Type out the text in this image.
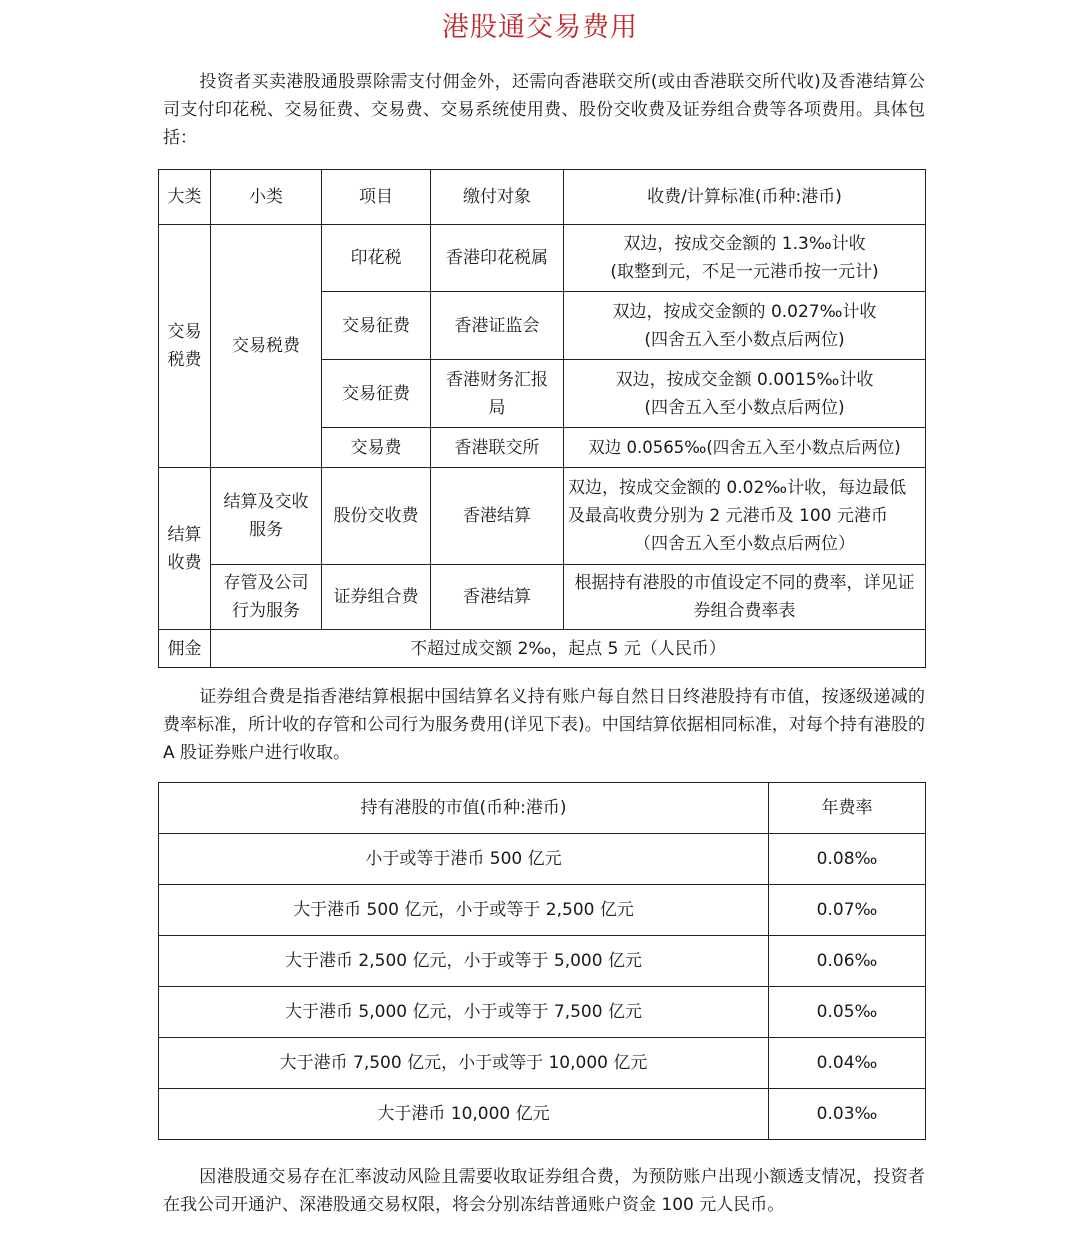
港股通交易费用

投资者买卖港股通股票除需支付佣金外，还需向香港联交所(或由香港联交所代收)及香港结算公司支付印花税、交易征费、交易费、交易系统使用费、股份交收费及证券组合费等各项费用。具体包括：

大类	小类	项目	缴付对象	收费/计算标准(币种:港币)
交易
税费	交易税费	印花税	香港印花税属	双边，按成交金额的 1.3‰计收
(取整到元，不足一元港币按一元计)
		交易征费	香港证监会	双边，按成交金额的 0.027‰计收
(四舍五入至小数点后两位)
		交易征费	香港财务汇报
局	双边，按成交金额 0.0015‰计收
(四舍五入至小数点后两位)
		交易费	香港联交所	双边 0.0565‰(四舍五入至小数点后两位)
结算
收费	结算及交收
服务	股份交收费	香港结算	双边，按成交金额的 0.02‰计收，每边最低及最高收费分别为 2 元港币及 100 元港币（四舍五入至小数点后两位）
	存管及公司
行为服务	证券组合费	香港结算	根据持有港股的市值设定不同的费率，详见证券组合费率表
佣金	不超过成交额 2‰，起点 5 元（人民币）			

证券组合费是指香港结算根据中国结算名义持有账户每自然日日终港股持有市值，按逐级递减的费率标准，所计收的存管和公司行为服务费用(详见下表)。中国结算依据相同标准，对每个持有港股的 A 股证券账户进行收取。

持有港股的市值(币种:港币)	年费率
小于或等于港币 500 亿元	0.08‰
大于港币 500 亿元，小于或等于 2,500 亿元	0.07‰
大于港币 2,500 亿元，小于或等于 5,000 亿元	0.06‰
大于港币 5,000 亿元，小于或等于 7,500 亿元	0.05‰
大于港币 7,500 亿元，小于或等于 10,000 亿元	0.04‰
大于港币 10,000 亿元	0.03‰

因港股通交易存在汇率波动风险且需要收取证券组合费，为预防账户出现小额透支情况，投资者在我公司开通沪、深港股通交易权限，将会分别冻结普通账户资金 100 元人民币。
